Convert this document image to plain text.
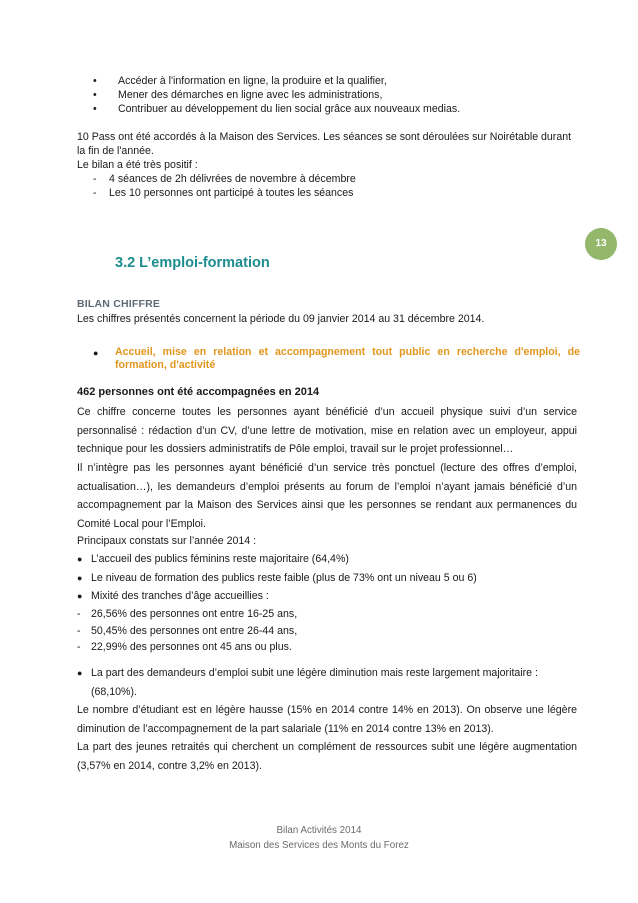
• Accéder à l'information en ligne, la produire et la qualifier,
• Mener des démarches en ligne avec les administrations,
• Contribuer au développement du lien social grâce aux nouveaux medias.
10 Pass ont été accordés à la Maison des Services. Les séances se sont déroulées sur Noirétable durant
la fin de l'année.
Le bilan a été très positif :
- 4 séances de 2h délivrées de novembre à décembre
- Les 10 personnes ont participé à toutes les séances
13
3.2 L’emploi-formation
BILAN CHIFFRE
Les chiffres présentés concernent la période du 09 janvier 2014 au 31 décembre 2014.
● Accueil, mise en relation et accompagnement tout public en recherche d'emploi, de
formation, d'activité
462 personnes ont été accompagnées en 2014
Ce chiffre concerne toutes les personnes ayant bénéficié d’un accueil physique suivi d’un service
personnalisé : rédaction d’un CV, d’une lettre de motivation, mise en relation avec un employeur, appui
technique pour les dossiers administratifs de Pôle emploi, travail sur le projet professionnel…
Il n’intègre pas les personnes ayant bénéficié d’un service très ponctuel (lecture des offres d’emploi,
actualisation…), les demandeurs d’emploi présents au forum de l’emploi n’ayant jamais bénéficié d’un
accompagnement par la Maison des Services ainsi que les personnes se rendant aux permanences du
Comité Local pour l’Emploi.
Principaux constats sur l’année 2014 :
● L’accueil des publics féminins reste majoritaire (64,4%)
● Le niveau de formation des publics reste faible (plus de 73% ont un niveau 5 ou 6)
● Mixité des tranches d’âge accueillies :
- 26,56% des personnes ont entre 16-25 ans,
- 50,45% des personnes ont entre 26-44 ans,
- 22,99% des personnes ont 45 ans ou plus.
● La part des demandeurs d’emploi subit une légère diminution mais reste largement majoritaire :
(68,10%).
Le nombre d’étudiant est en légère hausse (15% en 2014 contre 14% en 2013). On observe une légère
diminution de l’accompagnement de la part salariale (11% en 2014 contre 13% en 2013).
La part des jeunes retraités qui cherchent un complément de ressources subit une légère augmentation
(3,57% en 2014, contre 3,2% en 2013).
Bilan Activités 2014
Maison des Services des Monts du Forez
